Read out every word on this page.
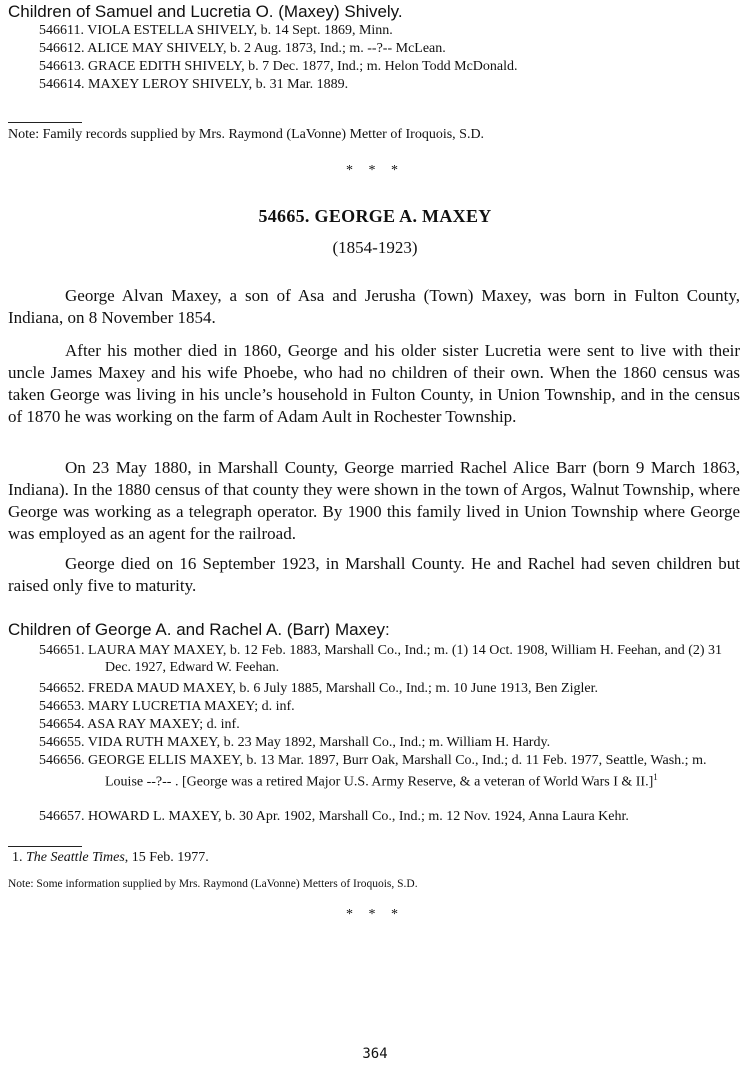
Children of Samuel and Lucretia O. (Maxey) Shively.
546611. VIOLA ESTELLA SHIVELY, b. 14 Sept. 1869, Minn.
546612. ALICE MAY SHIVELY, b. 2 Aug. 1873, Ind.; m. --?-- McLean.
546613. GRACE EDITH SHIVELY, b. 7 Dec. 1877, Ind.; m. Helon Todd McDonald.
546614. MAXEY LEROY SHIVELY, b. 31 Mar. 1889.
Note: Family records supplied by Mrs. Raymond (LaVonne) Metter of Iroquois, S.D.
* * *
54665. GEORGE A. MAXEY
(1854-1923)

George Alvan Maxey, a son of Asa and Jerusha (Town) Maxey, was born in Fulton County, Indiana, on 8 November 1854.

After his mother died in 1860, George and his older sister Lucretia were sent to live with their uncle James Maxey and his wife Phoebe, who had no children of their own. When the 1860 census was taken George was living in his uncle’s household in Fulton County, in Union Township, and in the census of 1870 he was working on the farm of Adam Ault in Rochester Township.

On 23 May 1880, in Marshall County, George married Rachel Alice Barr (born 9 March 1863, Indiana). In the 1880 census of that county they were shown in the town of Argos, Walnut Township, where George was working as a telegraph operator. By 1900 this family lived in Union Township where George was employed as an agent for the railroad.

George died on 16 September 1923, in Marshall County. He and Rachel had seven children but raised only five to maturity.

Children of George A. and Rachel A. (Barr) Maxey:
546651. LAURA MAY MAXEY, b. 12 Feb. 1883, Marshall Co., Ind.; m. (1) 14 Oct. 1908, William H. Feehan, and (2) 31 Dec. 1927, Edward W. Feehan.
546652. FREDA MAUD MAXEY, b. 6 July 1885, Marshall Co., Ind.; m. 10 June 1913, Ben Zigler.
546653. MARY LUCRETIA MAXEY; d. inf.
546654. ASA RAY MAXEY; d. inf.
546655. VIDA RUTH MAXEY, b. 23 May 1892, Marshall Co., Ind.; m. William H. Hardy.
546656. GEORGE ELLIS MAXEY, b. 13 Mar. 1897, Burr Oak, Marshall Co., Ind.; d. 11 Feb. 1977, Seattle, Wash.; m. Louise --?-- . [George was a retired Major U.S. Army Reserve, & a veteran of World Wars I & II.]$^1$
546657. HOWARD L. MAXEY, b. 30 Apr. 1902, Marshall Co., Ind.; m. 12 Nov. 1924, Anna Laura Kehr.
1. The Seattle Times, 15 Feb. 1977.
Note: Some information supplied by Mrs. Raymond (LaVonne) Metters of Iroquois, S.D.
* * *
364
